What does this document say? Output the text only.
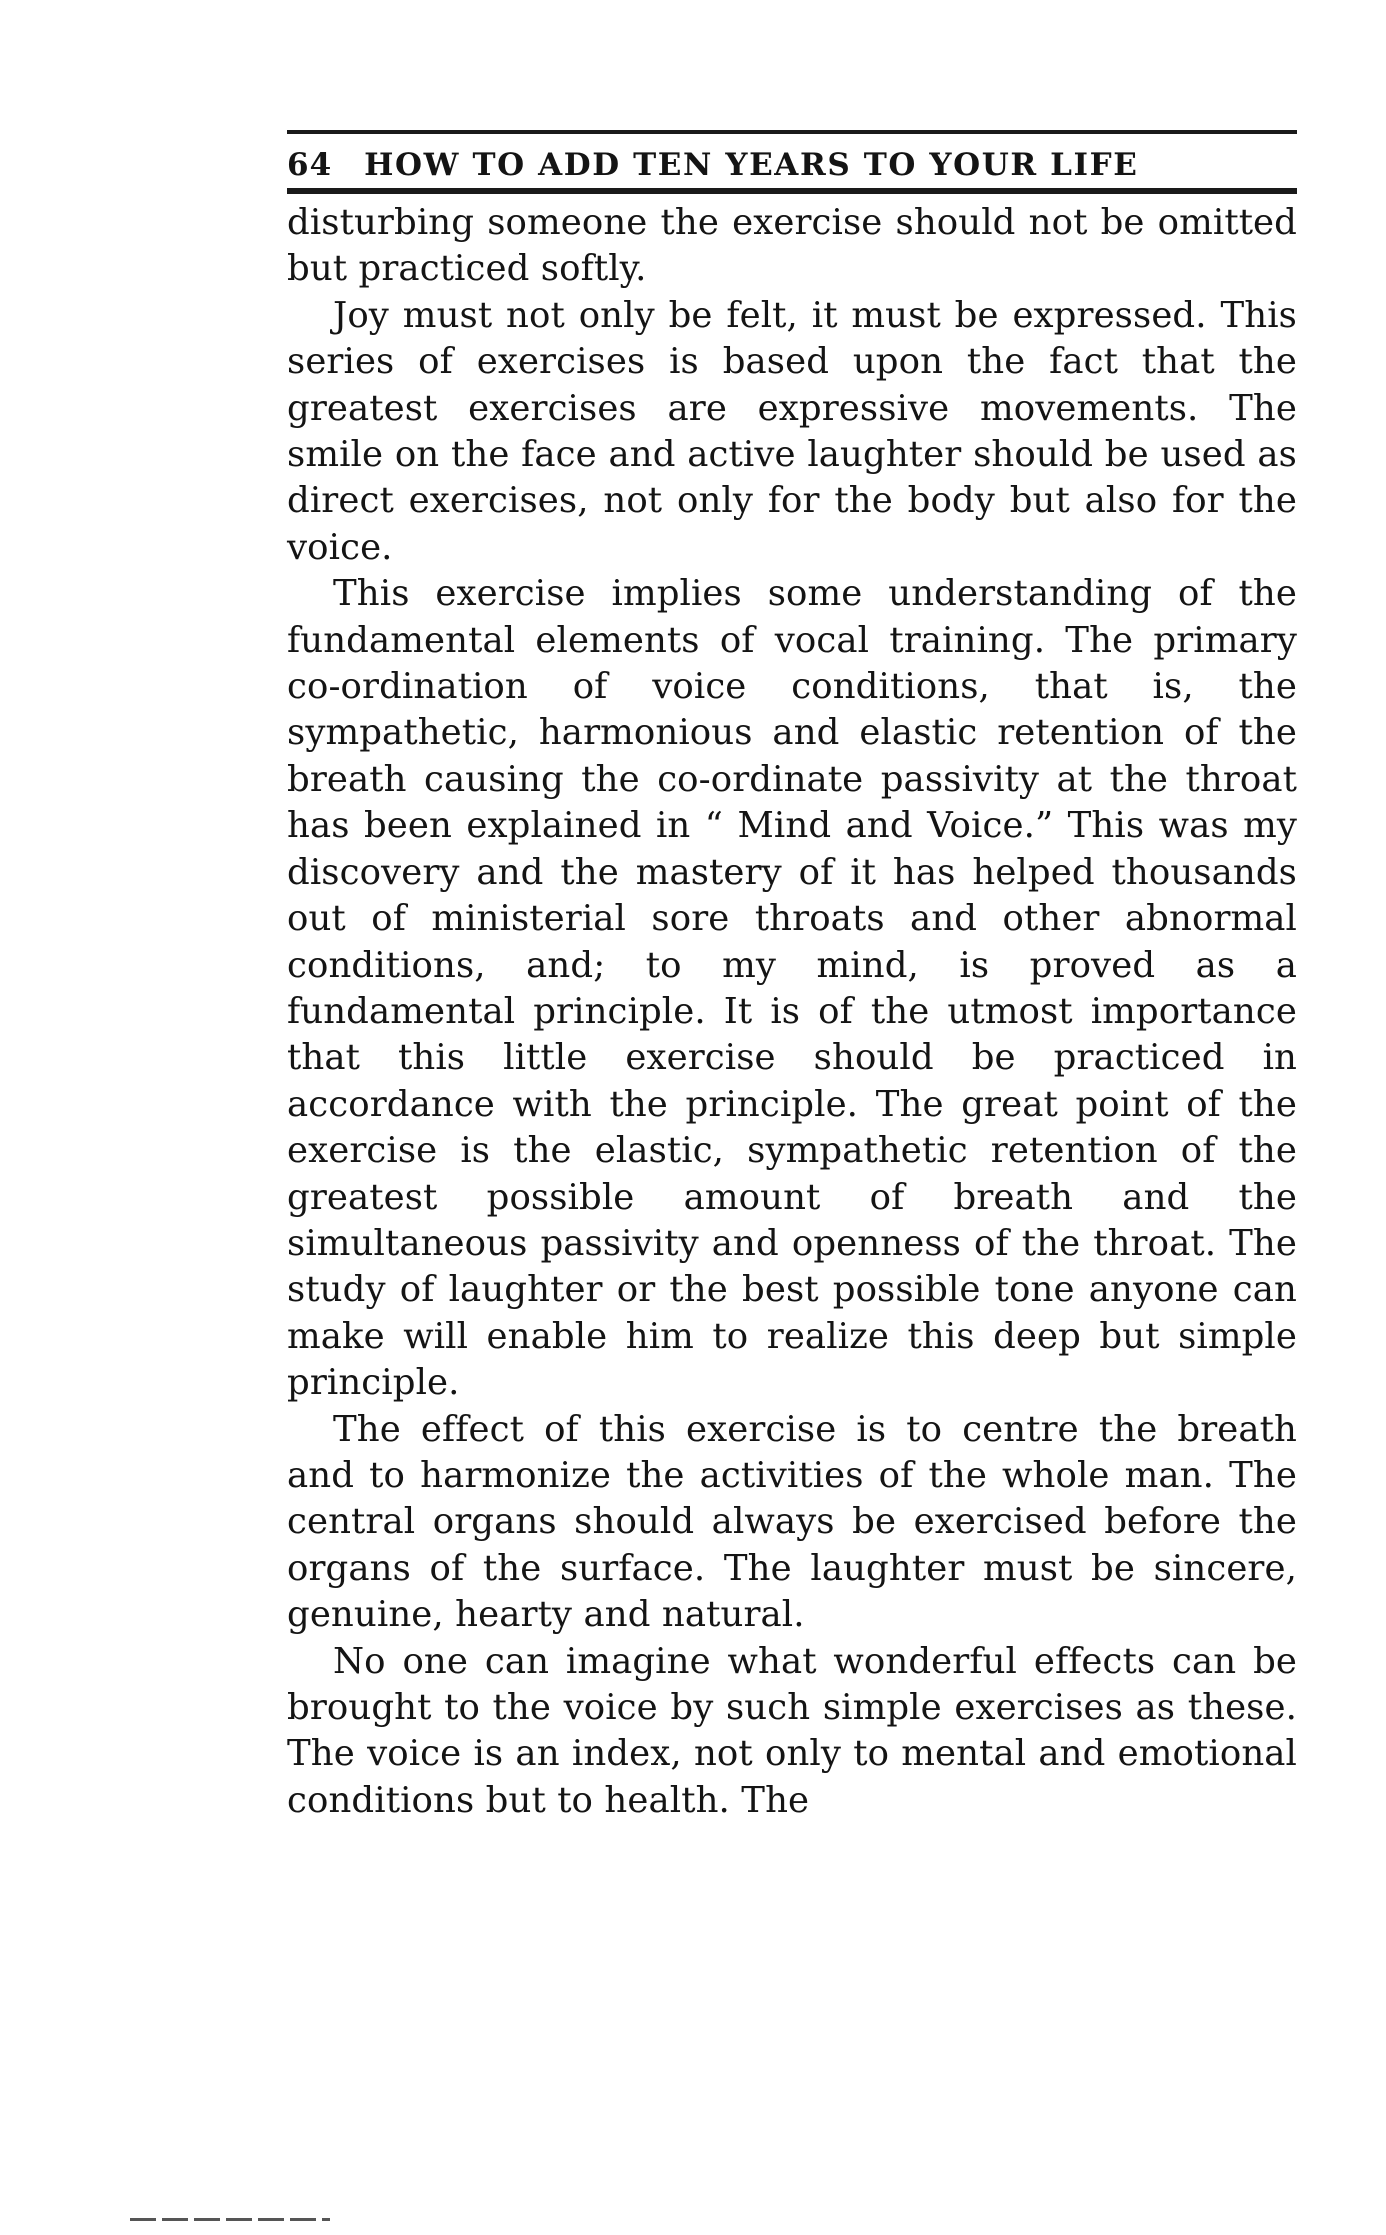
64 HOW TO ADD TEN YEARS TO YOUR LIFE

disturbing someone the exercise should not be omitted but practiced softly.

Joy must not only be felt, it must be expressed. This series of exercises is based upon the fact that the greatest exercises are expressive movements. The smile on the face and active laughter should be used as direct exercises, not only for the body but also for the voice.

This exercise implies some understanding of the fundamental elements of vocal training. The primary co-ordination of voice conditions, that is, the sympathetic, harmonious and elastic retention of the breath causing the co-ordinate passivity at the throat has been explained in “ Mind and Voice.” This was my discovery and the mastery of it has helped thousands out of ministerial sore throats and other abnormal conditions, and; to my mind, is proved as a fundamental principle. It is of the utmost importance that this little exercise should be practiced in accordance with the principle. The great point of the exercise is the elastic, sympathetic retention of the greatest possible amount of breath and the simultaneous passivity and openness of the throat. The study of laughter or the best possible tone anyone can make will enable him to realize this deep but simple principle.

The effect of this exercise is to centre the breath and to harmonize the activities of the whole man. The central organs should always be exercised before the organs of the surface. The laughter must be sincere, genuine, hearty and natural.

No one can imagine what wonderful effects can be brought to the voice by such simple exercises as these. The voice is an index, not only to mental and emotional conditions but to health. The
